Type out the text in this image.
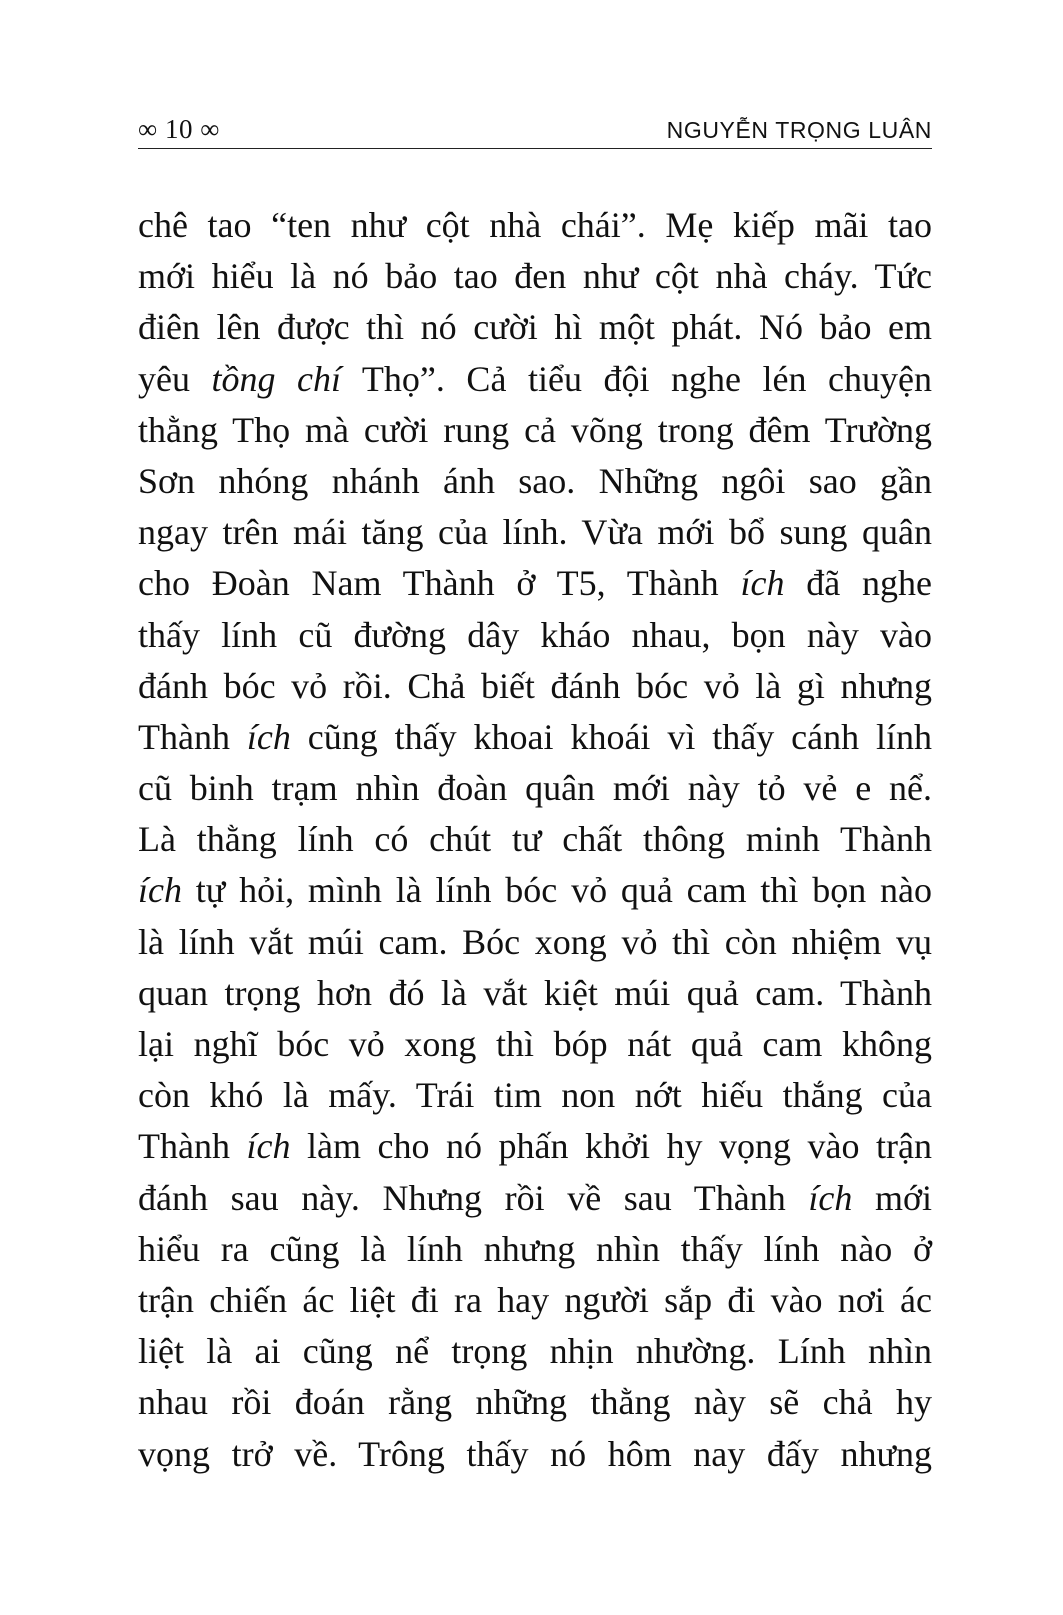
∞ 10 ∞	NGUYỄN TRỌNG LUÂN
chê tao “ten như cột nhà chái”. Mẹ kiếp mãi tao
mới hiểu là nó bảo tao đen như cột nhà cháy. Tức
điên lên được thì nó cười hì một phát. Nó bảo em
yêu tồng chí Thọ”. Cả tiểu đội nghe lén chuyện
thằng Thọ mà cười rung cả võng trong đêm Trường
Sơn nhóng nhánh ánh sao. Những ngôi sao gần
ngay trên mái tăng của lính. Vừa mới bổ sung quân
cho Đoàn Nam Thành ở T5, Thành ích đã nghe
thấy lính cũ đường dây kháo nhau, bọn này vào
đánh bóc vỏ rồi. Chả biết đánh bóc vỏ là gì nhưng
Thành ích cũng thấy khoai khoái vì thấy cánh lính
cũ binh trạm nhìn đoàn quân mới này tỏ vẻ e nể.
Là thằng lính có chút tư chất thông minh Thành
ích tự hỏi, mình là lính bóc vỏ quả cam thì bọn nào
là lính vắt múi cam. Bóc xong vỏ thì còn nhiệm vụ
quan trọng hơn đó là vắt kiệt múi quả cam. Thành
lại nghĩ bóc vỏ xong thì bóp nát quả cam không
còn khó là mấy. Trái tim non nớt hiếu thắng của
Thành ích làm cho nó phấn khởi hy vọng vào trận
đánh sau này. Nhưng rồi về sau Thành ích mới
hiểu ra cũng là lính nhưng nhìn thấy lính nào ở
trận chiến ác liệt đi ra hay người sắp đi vào nơi ác
liệt là ai cũng nể trọng nhịn nhường. Lính nhìn
nhau rồi đoán rằng những thằng này sẽ chả hy
vọng trở về. Trông thấy nó hôm nay đấy nhưng
